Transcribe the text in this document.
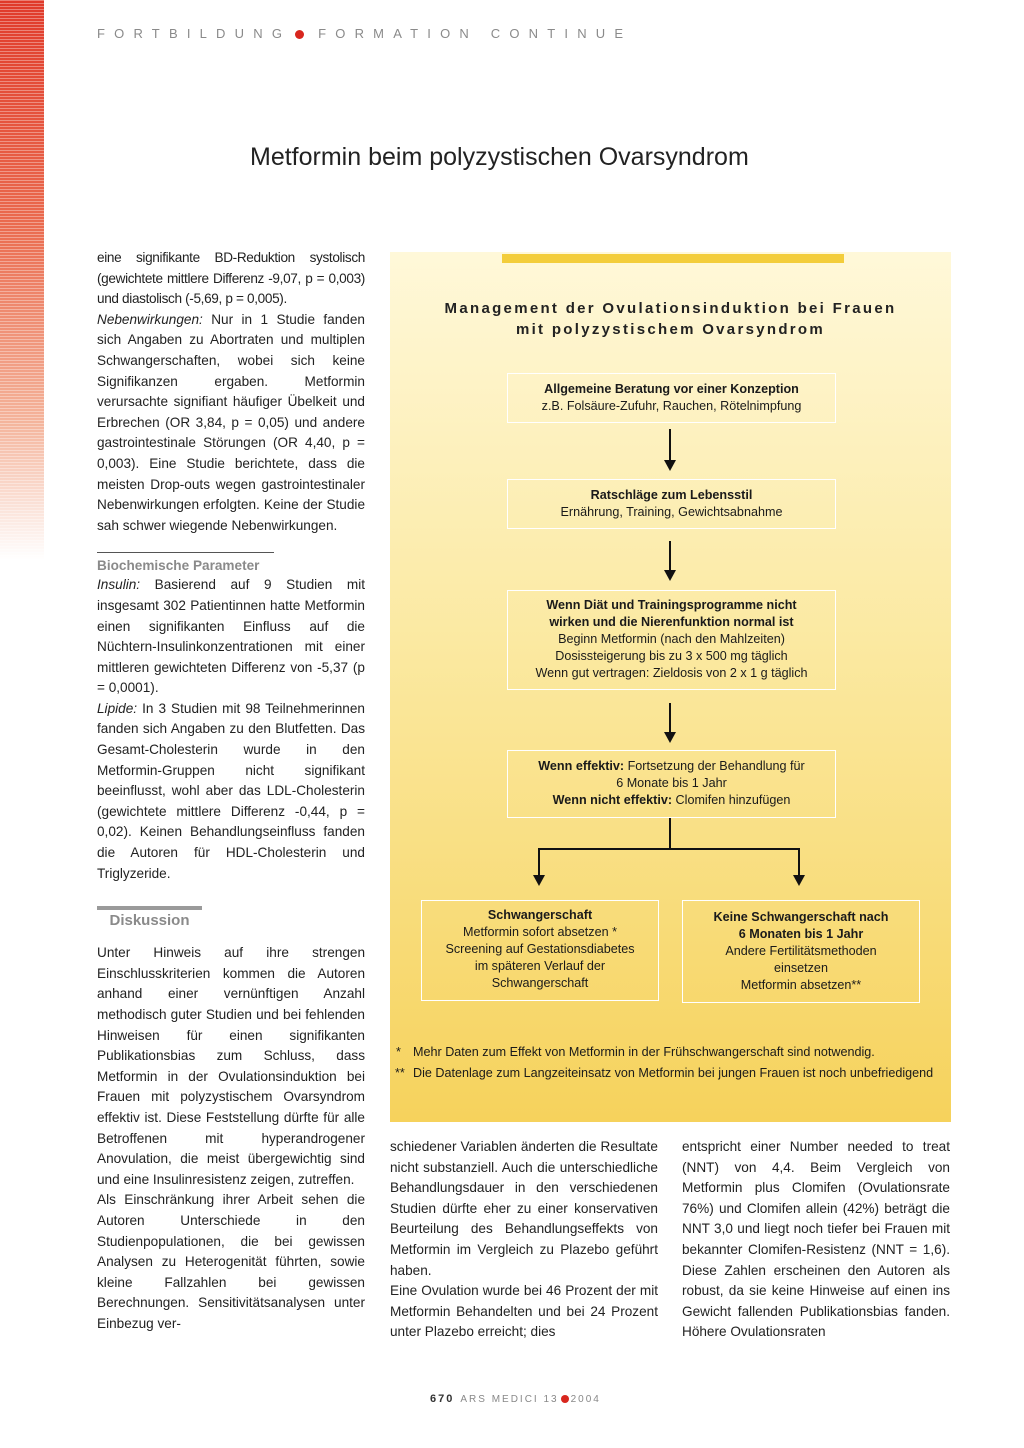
FORTBILDUNG FORMATION CONTINUE
Metformin beim polyzystischen Ovarsyndrom

eine signifikante BD-Reduktion systolisch (gewichtete mittlere Differenz -9,07, p = 0,003) und diastolisch (-5,69, p = 0,005).

Nebenwirkungen: Nur in 1 Studie fanden sich Angaben zu Abortraten und multiplen Schwangerschaften, wobei sich keine Signifikanzen ergaben. Metformin verursachte signifiant häufiger Übelkeit und Erbrechen (OR 3,84, p = 0,05) und andere gastrointestinale Störungen (OR 4,40, p = 0,003). Eine Studie berichtete, dass die meisten Drop-outs wegen gastrointestinaler Nebenwirkungen erfolgten. Keine der Studie sah schwer wiegende Nebenwirkungen.

Biochemische Parameter

Insulin: Basierend auf 9 Studien mit insgesamt 302 Patientinnen hatte Metformin einen signifikanten Einfluss auf die Nüchtern-Insulinkonzentrationen mit einer mittleren gewichteten Differenz von -5,37 (p = 0,0001).

Lipide: In 3 Studien mit 98 Teilnehmerinnen fanden sich Angaben zu den Blutfetten. Das Gesamt-Cholesterin wurde in den Metformin-Gruppen nicht signifikant beeinflusst, wohl aber das LDL-Cholesterin (gewichtete mittlere Differenz -0,44, p = 0,02). Keinen Behandlungseinfluss fanden die Autoren für HDL-Cholesterin und Triglyzeride.

Diskussion

Unter Hinweis auf ihre strengen Einschlusskriterien kommen die Autoren anhand einer vernünftigen Anzahl methodisch guter Studien und bei fehlenden Hinweisen für einen signifikanten Publikationsbias zum Schluss, dass Metformin in der Ovulationsinduktion bei Frauen mit polyzystischem Ovarsyndrom effektiv ist. Diese Feststellung dürfte für alle Betroffenen mit hyperandrogener Anovulation, die meist übergewichtig sind und eine Insulinresistenz zeigen, zutreffen.

Als Einschränkung ihrer Arbeit sehen die Autoren Unterschiede in den Studienpopulationen, die bei gewissen Analysen zu Heterogenität führten, sowie kleine Fallzahlen bei gewissen Berechnungen. Sensitivitätsanalysen unter Einbezug ver-

Management der Ovulationsinduktion bei Frauen
mit polyzystischem Ovarsyndrom
Allgemeine Beratung vor einer Konzeption
z.B. Folsäure-Zufuhr, Rauchen, Rötelnimpfung
Ratschläge zum Lebensstil
Ernährung, Training, Gewichtsabnahme
Wenn Diät und Trainingsprogramme nicht
wirken und die Nierenfunktion normal ist
Beginn Metformin (nach den Mahlzeiten)
Dosissteigerung bis zu 3 x 500 mg täglich
Wenn gut vertragen: Zieldosis von 2 x 1 g täglich
Wenn effektiv: Fortsetzung der Behandlung für
6 Monate bis 1 Jahr
Wenn nicht effektiv: Clomifen hinzufügen
Schwangerschaft
Metformin sofort absetzen *
Screening auf Gestationsdiabetes
im späteren Verlauf der
Schwangerschaft
Keine Schwangerschaft nach
6 Monaten bis 1 Jahr
Andere Fertilitätsmethoden
einsetzen
Metformin absetzen**
* Mehr Daten zum Effekt von Metformin in der Frühschwangerschaft sind notwendig.
** Die Datenlage zum Langzeiteinsatz von Metformin bei jungen Frauen ist noch unbefriedigend

schiedener Variablen änderten die Resultate nicht substanziell. Auch die unterschiedliche Behandlungsdauer in den verschiedenen Studien dürfte eher zu einer konservativen Beurteilung des Behandlungseffekts von Metformin im Vergleich zu Plazebo geführt haben.

Eine Ovulation wurde bei 46 Prozent der mit Metformin Behandelten und bei 24 Prozent unter Plazebo erreicht; dies

entspricht einer Number needed to treat (NNT) von 4,4. Beim Vergleich von Metformin plus Clomifen (Ovulationsrate 76%) und Clomifen allein (42%) beträgt die NNT 3,0 und liegt noch tiefer bei Frauen mit bekannter Clomifen-Resistenz (NNT = 1,6). Diese Zahlen erscheinen den Autoren als robust, da sie keine Hinweise auf einen ins Gewicht fallenden Publikationsbias fanden. Höhere Ovulationsraten

670 ARS MEDICI 13 2004
